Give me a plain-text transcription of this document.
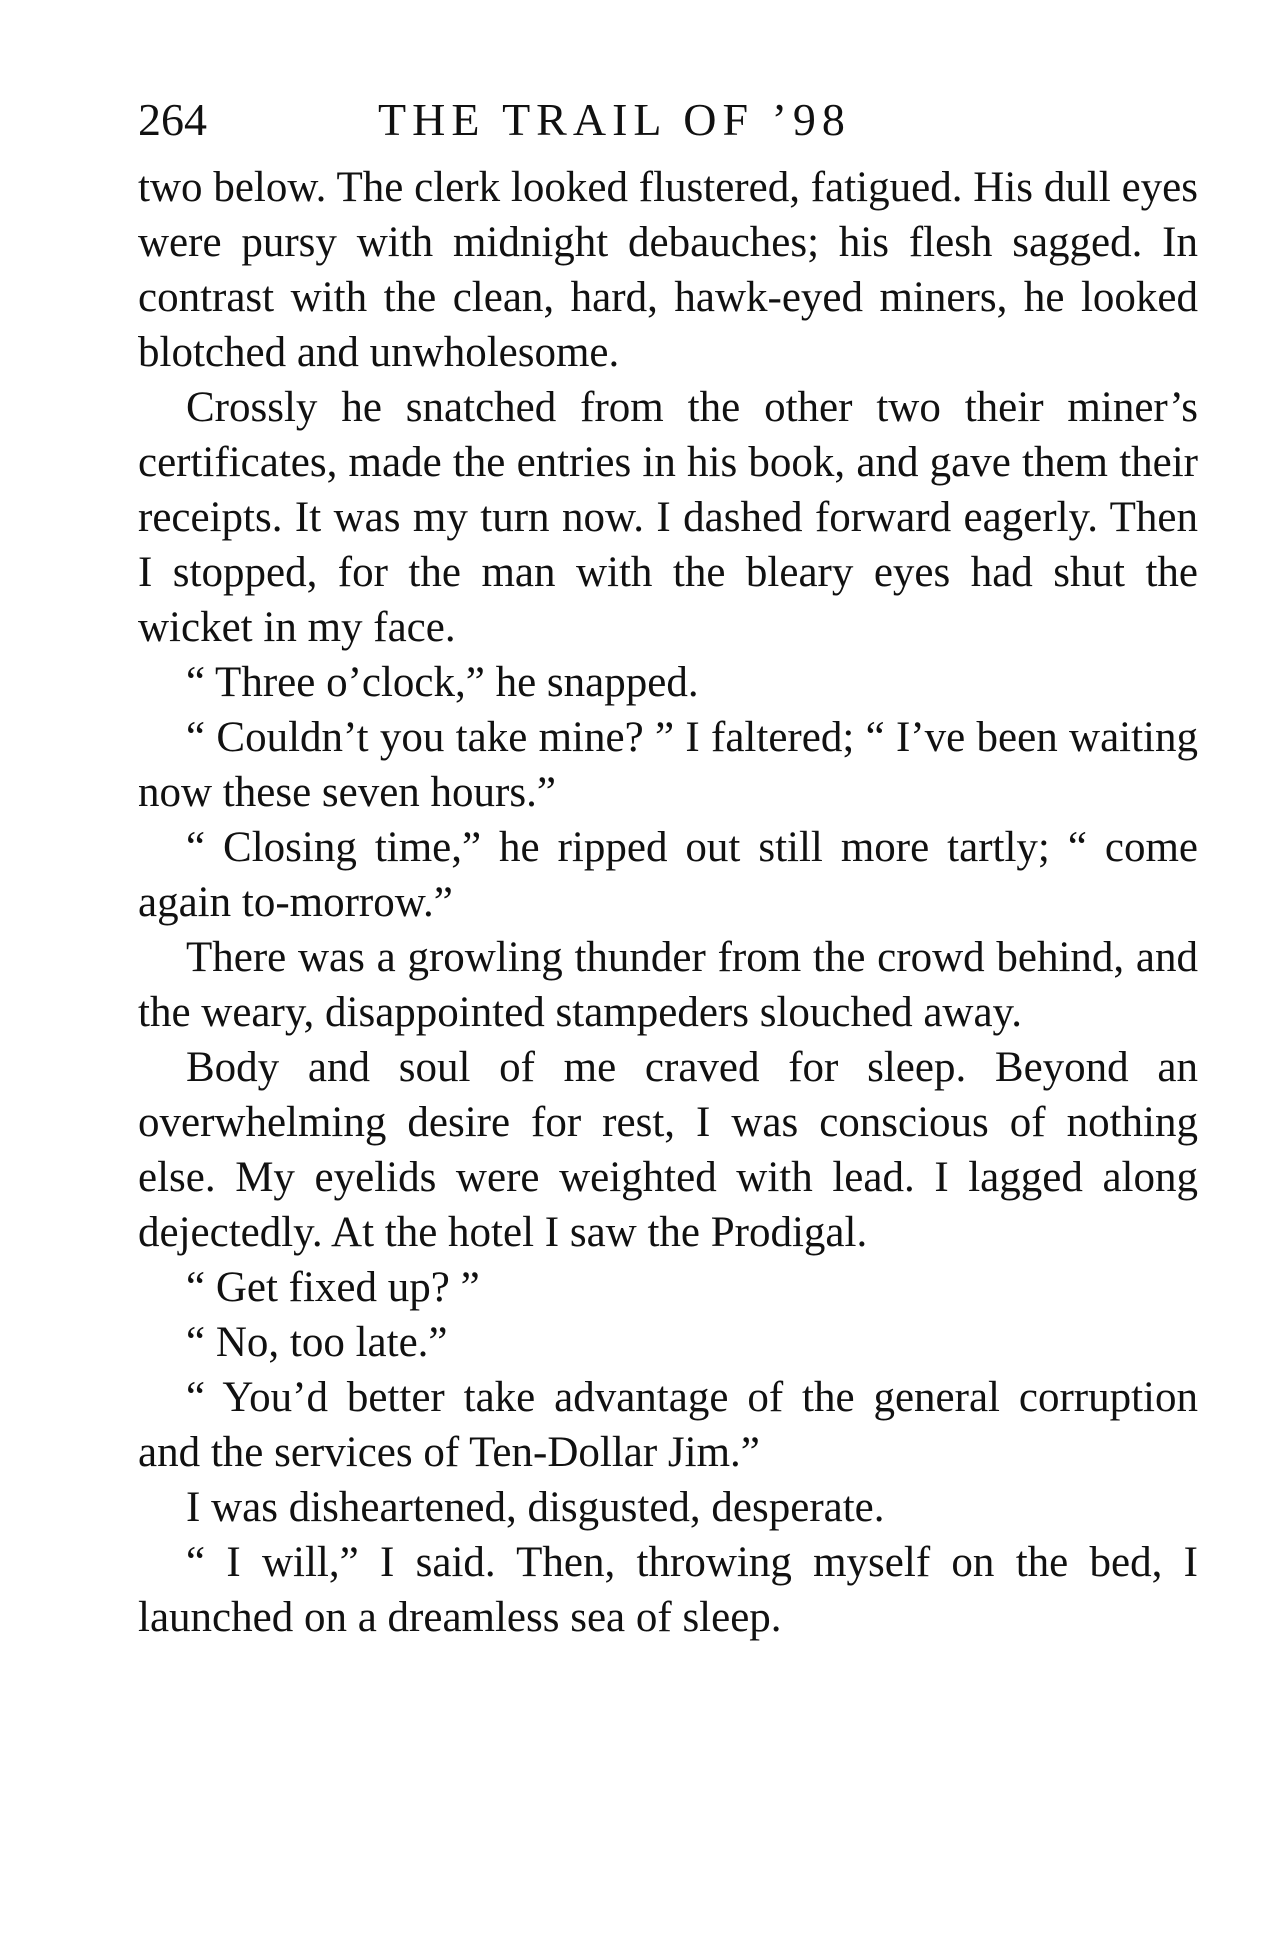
264	THE TRAIL OF ’98

two below. The clerk looked flustered, fatigued. His dull eyes were pursy with midnight debauches; his flesh sagged. In contrast with the clean, hard, hawk-eyed miners, he looked blotched and unwholesome.

Crossly he snatched from the other two their miner’s certificates, made the entries in his book, and gave them their receipts. It was my turn now. I dashed forward eagerly. Then I stopped, for the man with the bleary eyes had shut the wicket in my face.

“ Three o’clock,” he snapped.

“ Couldn’t you take mine? ” I faltered; “ I’ve been waiting now these seven hours.”

“ Closing time,” he ripped out still more tartly; “ come again to-morrow.”

There was a growling thunder from the crowd behind, and the weary, disappointed stampeders slouched away.

Body and soul of me craved for sleep. Beyond an overwhelming desire for rest, I was conscious of nothing else. My eyelids were weighted with lead. I lagged along dejectedly. At the hotel I saw the Prodigal.

“ Get fixed up? ”

“ No, too late.”

“ You’d better take advantage of the general corruption and the services of Ten-Dollar Jim.”

I was disheartened, disgusted, desperate.

“ I will,” I said. Then, throwing myself on the bed, I launched on a dreamless sea of sleep.
